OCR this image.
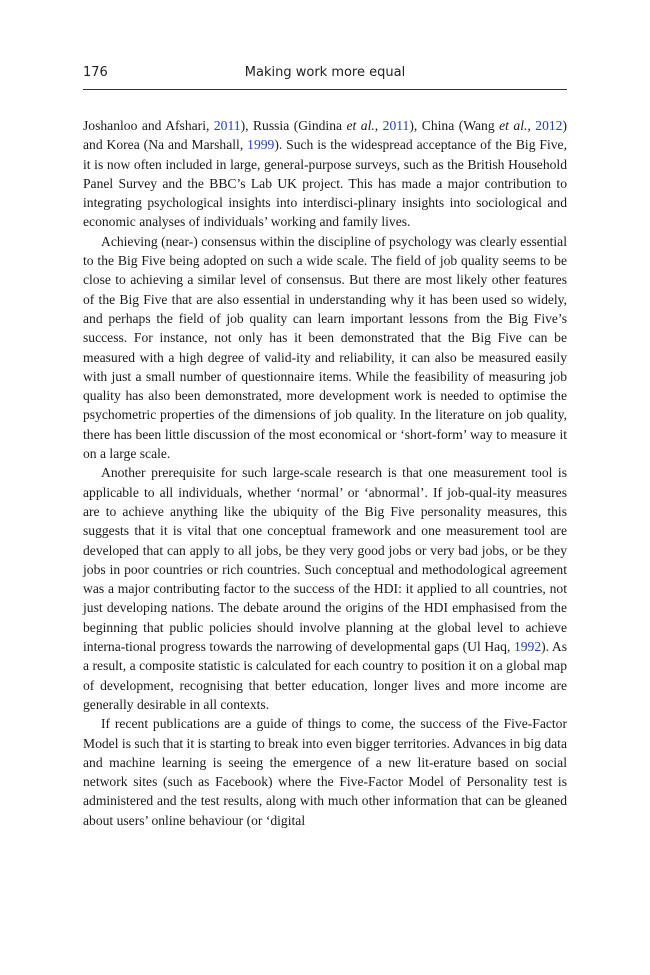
176	Making work more equal

Joshanloo and Afshari, 2011), Russia (Gindina et al., 2011), China (Wang et al., 2012) and Korea (Na and Marshall, 1999). Such is the widespread acceptance of the Big Five, it is now often included in large, general-purpose surveys, such as the British Household Panel Survey and the BBC’s Lab UK project. This has made a major contribution to integrating psychological insights into interdisci-plinary insights into sociological and economic analyses of individuals’ working and family lives.

Achieving (near-) consensus within the discipline of psychology was clearly essential to the Big Five being adopted on such a wide scale. The field of job quality seems to be close to achieving a similar level of consensus. But there are most likely other features of the Big Five that are also essential in understanding why it has been used so widely, and perhaps the field of job quality can learn important lessons from the Big Five’s success. For instance, not only has it been demonstrated that the Big Five can be measured with a high degree of valid-ity and reliability, it can also be measured easily with just a small number of questionnaire items. While the feasibility of measuring job quality has also been demonstrated, more development work is needed to optimise the psychometric properties of the dimensions of job quality. In the literature on job quality, there has been little discussion of the most economical or ‘short-form’ way to measure it on a large scale.

Another prerequisite for such large-scale research is that one measurement tool is applicable to all individuals, whether ‘normal’ or ‘abnormal’. If job-qual-ity measures are to achieve anything like the ubiquity of the Big Five personality measures, this suggests that it is vital that one conceptual framework and one measurement tool are developed that can apply to all jobs, be they very good jobs or very bad jobs, or be they jobs in poor countries or rich countries. Such conceptual and methodological agreement was a major contributing factor to the success of the HDI: it applied to all countries, not just developing nations. The debate around the origins of the HDI emphasised from the beginning that public policies should involve planning at the global level to achieve interna-tional progress towards the narrowing of developmental gaps (Ul Haq, 1992). As a result, a composite statistic is calculated for each country to position it on a global map of development, recognising that better education, longer lives and more income are generally desirable in all contexts.

If recent publications are a guide of things to come, the success of the Five-Factor Model is such that it is starting to break into even bigger territories. Advances in big data and machine learning is seeing the emergence of a new lit-erature based on social network sites (such as Facebook) where the Five-Factor Model of Personality test is administered and the test results, along with much other information that can be gleaned about users’ online behaviour (or ‘digital
